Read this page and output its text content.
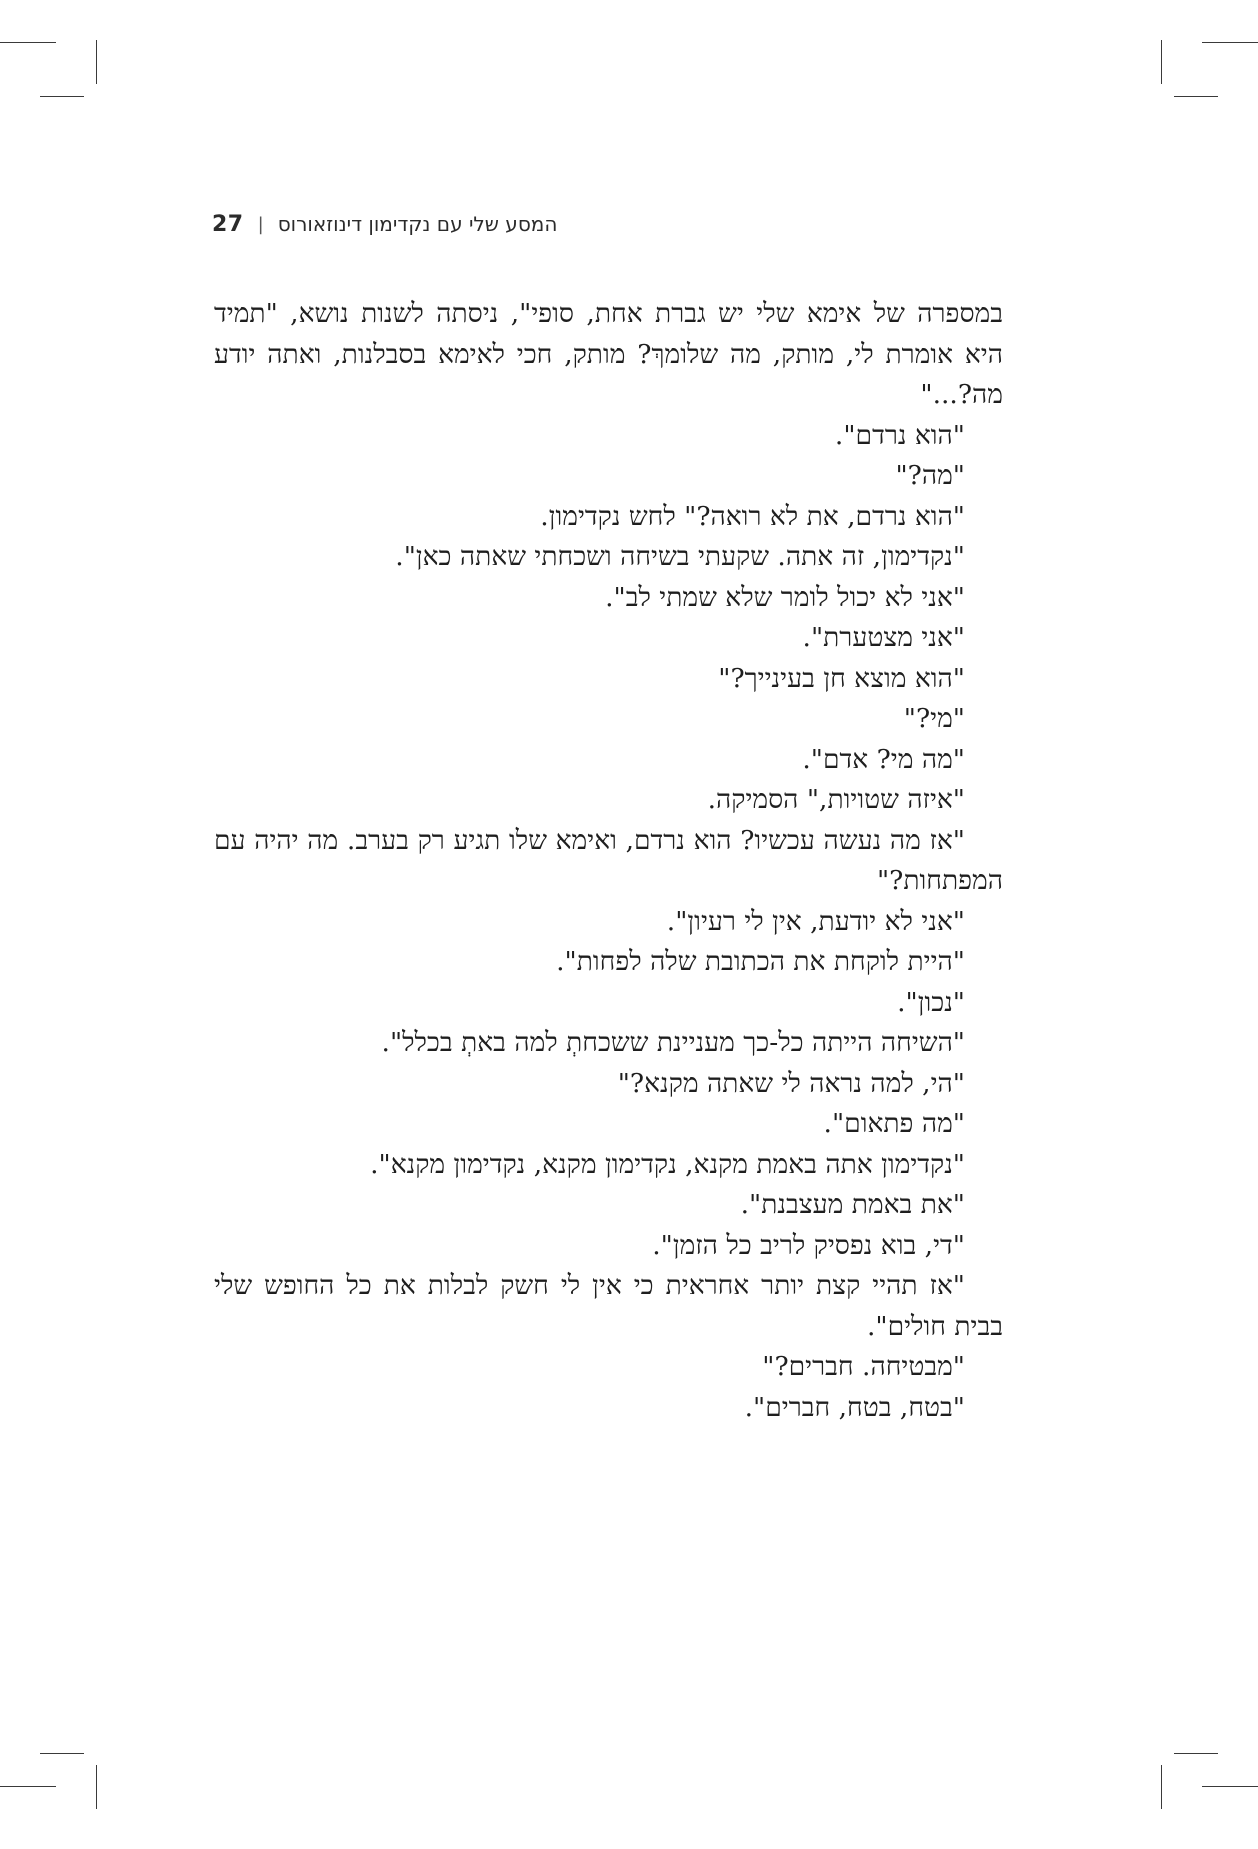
27 | המסע שלי עם נקדימון דינוזאורוס

במספרה של אימא שלי יש גברת אחת, סופי", ניסתה לשנות נושא, "תמיד היא אומרת לי, מותק, מה שלומךְ? מותק, חכי לאימא בסבלנות, ואתה יודע מה?..."

"הוא נרדם".

"מה?"

"הוא נרדם, את לא רואה?" לחש נקדימון.

"נקדימון, זה אתה. שקעתי בשיחה ושכחתי שאתה כאן".

"אני לא יכול לומר שלא שמתי לב".

"אני מצטערת".

"הוא מוצא חן בעינייך?"

"מי?"

"מה מי? אדם".

"איזה שטויות," הסמיקה.

"אז מה נעשה עכשיו? הוא נרדם, ואימא שלו תגיע רק בערב. מה יהיה עם המפתחות?"

"אני לא יודעת, אין לי רעיון".

"היית לוקחת את הכתובת שלה לפחות".

"נכון".

"השיחה הייתה כל-כך מעניינת ששכחתְ למה באתְ בכלל".

"הי, למה נראה לי שאתה מקנא?"

"מה פתאום".

"נקדימון אתה באמת מקנא, נקדימון מקנא, נקדימון מקנא".

"את באמת מעצבנת".

"די, בוא נפסיק לריב כל הזמן".

"אז תהיי קצת יותר אחראית כי אין לי חשק לבלות את כל החופש שלי בבית חולים".

"מבטיחה. חברים?"

"בטח, בטח, חברים".
